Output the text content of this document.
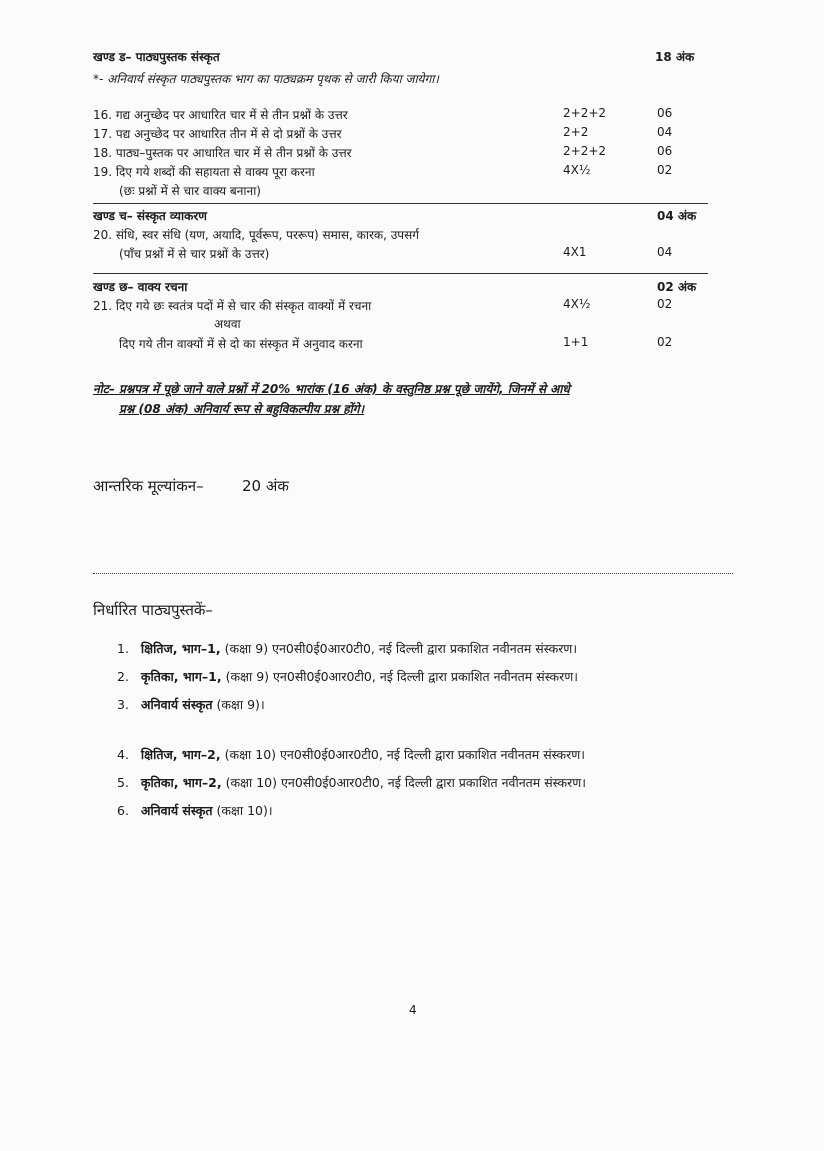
खण्ड ड– पाठ्यपुस्तक संस्कृत	18 अंक
*- अनिवार्य संस्कृत पाठ्यपुस्तक भाग का पाठ्यक्रम पृथक से जारी किया जायेगा।
16. गद्य अनुच्छेद पर आधारित चार में से तीन प्रश्नों के उत्तर	2+2+2	06
17. पद्य अनुच्छेद पर आधारित तीन में से दो प्रश्नों के उत्तर	2+2	04
18. पाठ्य–पुस्तक पर आधारित चार में से तीन प्रश्नों के उत्तर	2+2+2	06
19. दिए गये शब्दों की सहायता से वाक्य पूरा करना	4X½	02
(छः प्रश्नों में से चार वाक्य बनाना)
खण्ड च– संस्कृत व्याकरण	04 अंक
20. संधि, स्वर संधि (यण, अयादि, पूर्वरूप, पररूप) समास, कारक, उपसर्ग
(पाँच प्रश्नों में से चार प्रश्नों के उत्तर)	4X1	04
खण्ड छ– वाक्य रचना	02 अंक
21. दिए गये छः स्वतंत्र पदों में से चार की संस्कृत वाक्यों में रचना	4X½	02
अथवा
दिए गये तीन वाक्यों में से दो का संस्कृत में अनुवाद करना	1+1	02
नोट– प्रश्नपत्र में पूछे जाने वाले प्रश्नों में 20% भारांक (16 अंक) के वस्तुनिष्ठ प्रश्न पूछे जायेंगे, जिनमें से आधे
प्रश्न (08 अंक) अनिवार्य रूप से बहुविकल्पीय प्रश्न होंगे।
आन्तरिक मूल्यांकन–	20 अंक
निर्धारित पाठ्यपुस्तकें–
1. क्षितिज, भाग–1, (कक्षा 9) एन0सी0ई0आर0टी0, नई दिल्ली द्वारा प्रकाशित नवीनतम संस्करण।
2. कृतिका, भाग–1, (कक्षा 9) एन0सी0ई0आर0टी0, नई दिल्ली द्वारा प्रकाशित नवीनतम संस्करण।
3. अनिवार्य संस्कृत (कक्षा 9)।
4. क्षितिज, भाग–2, (कक्षा 10) एन0सी0ई0आर0टी0, नई दिल्ली द्वारा प्रकाशित नवीनतम संस्करण।
5. कृतिका, भाग–2, (कक्षा 10) एन0सी0ई0आर0टी0, नई दिल्ली द्वारा प्रकाशित नवीनतम संस्करण।
6. अनिवार्य संस्कृत (कक्षा 10)।
4
